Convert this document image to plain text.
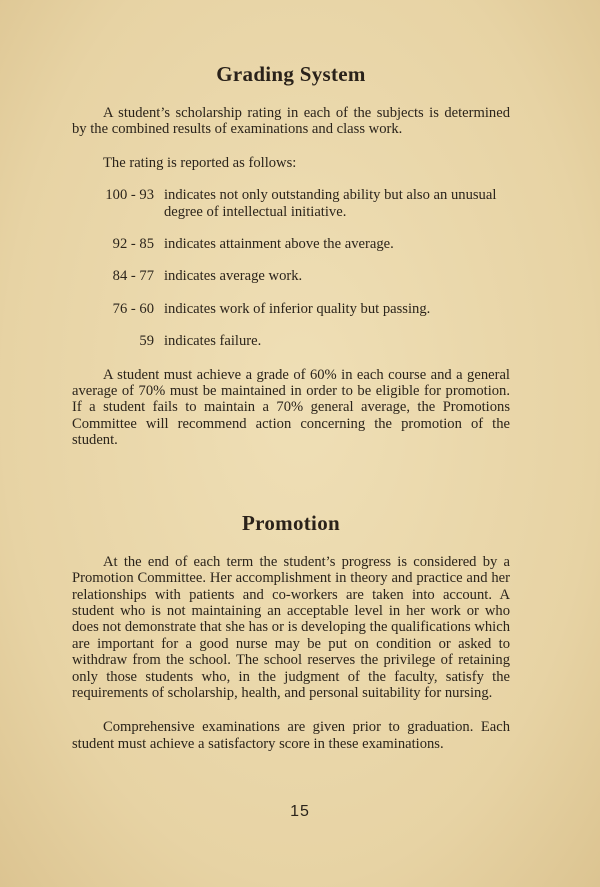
Grading System

A student’s scholarship rating in each of the subjects is determined by the combined results of examinations and class work.

The rating is reported as follows:

100 - 93 indicates not only outstanding ability but also an unusual degree of intellectual initiative.
92 - 85 indicates attainment above the average.
84 - 77 indicates average work.
76 - 60 indicates work of inferior quality but passing.
59 indicates failure.

A student must achieve a grade of 60% in each course and a general average of 70% must be maintained in order to be eligible for promotion. If a student fails to maintain a 70% general average, the Promotions Committee will recommend action concerning the promotion of the student.

Promotion

At the end of each term the student’s progress is considered by a Promotion Committee. Her accomplishment in theory and practice and her relationships with patients and co-workers are taken into account. A student who is not maintaining an acceptable level in her work or who does not demonstrate that she has or is developing the qualifications which are important for a good nurse may be put on condition or asked to withdraw from the school. The school reserves the privilege of retaining only those students who, in the judgment of the faculty, satisfy the requirements of scholarship, health, and personal suitability for nursing.

Comprehensive examinations are given prior to graduation. Each student must achieve a satisfactory score in these examinations.

15
